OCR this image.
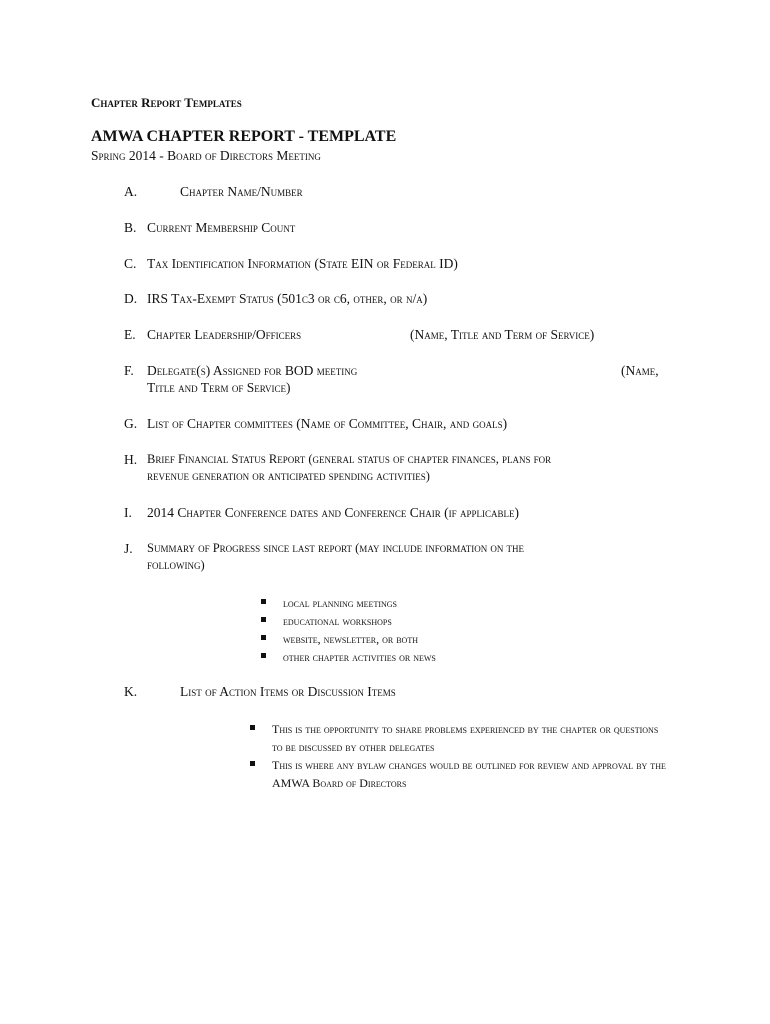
Chapter Report Templates
AMWA CHAPTER REPORT - TEMPLATE
Spring 2014 - Board of Directors Meeting
A.	Chapter Name/Number
B. Current Membership Count
C. Tax Identification Information (State EIN or Federal ID)
D. IRS Tax-Exempt Status (501c3 or c6, other, or n/a)
E. Chapter Leadership/Officers	(Name, Title and Term of Service)
F. Delegate(s) Assigned for BOD meeting	(Name,
Title and Term of Service)
G. List of Chapter committees (Name of Committee, Chair, and goals)
H. Brief Financial Status Report (general status of chapter finances, plans for
revenue generation or anticipated spending activities)
I. 2014 Chapter Conference dates and Conference Chair (if applicable)
J. Summary of Progress since last report (may include information on the
following)
local planning meetings
educational workshops
website, newsletter, or both
other chapter activities or news
K.	List of Action Items or Discussion Items
This is the opportunity to share problems experienced by the chapter or questions to be discussed by other delegates
This is where any bylaw changes would be outlined for review and approval by the AMWA Board of Directors
